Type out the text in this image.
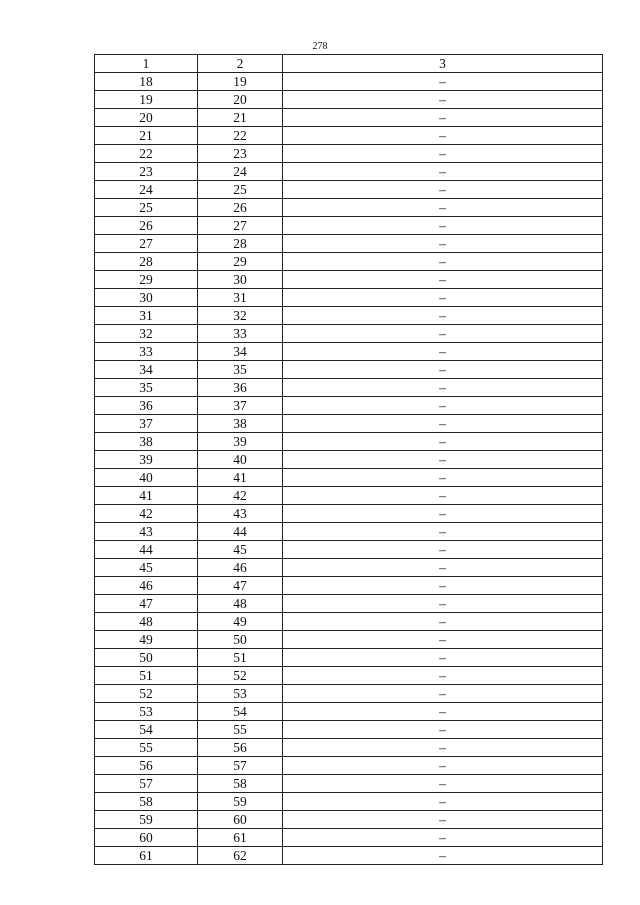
278
1	2	3
18	19	–
19	20	–
20	21	–
21	22	–
22	23	–
23	24	–
24	25	–
25	26	–
26	27	–
27	28	–
28	29	–
29	30	–
30	31	–
31	32	–
32	33	–
33	34	–
34	35	–
35	36	–
36	37	–
37	38	–
38	39	–
39	40	–
40	41	–
41	42	–
42	43	–
43	44	–
44	45	–
45	46	–
46	47	–
47	48	–
48	49	–
49	50	–
50	51	–
51	52	–
52	53	–
53	54	–
54	55	–
55	56	–
56	57	–
57	58	–
58	59	–
59	60	–
60	61	–
61	62	–
